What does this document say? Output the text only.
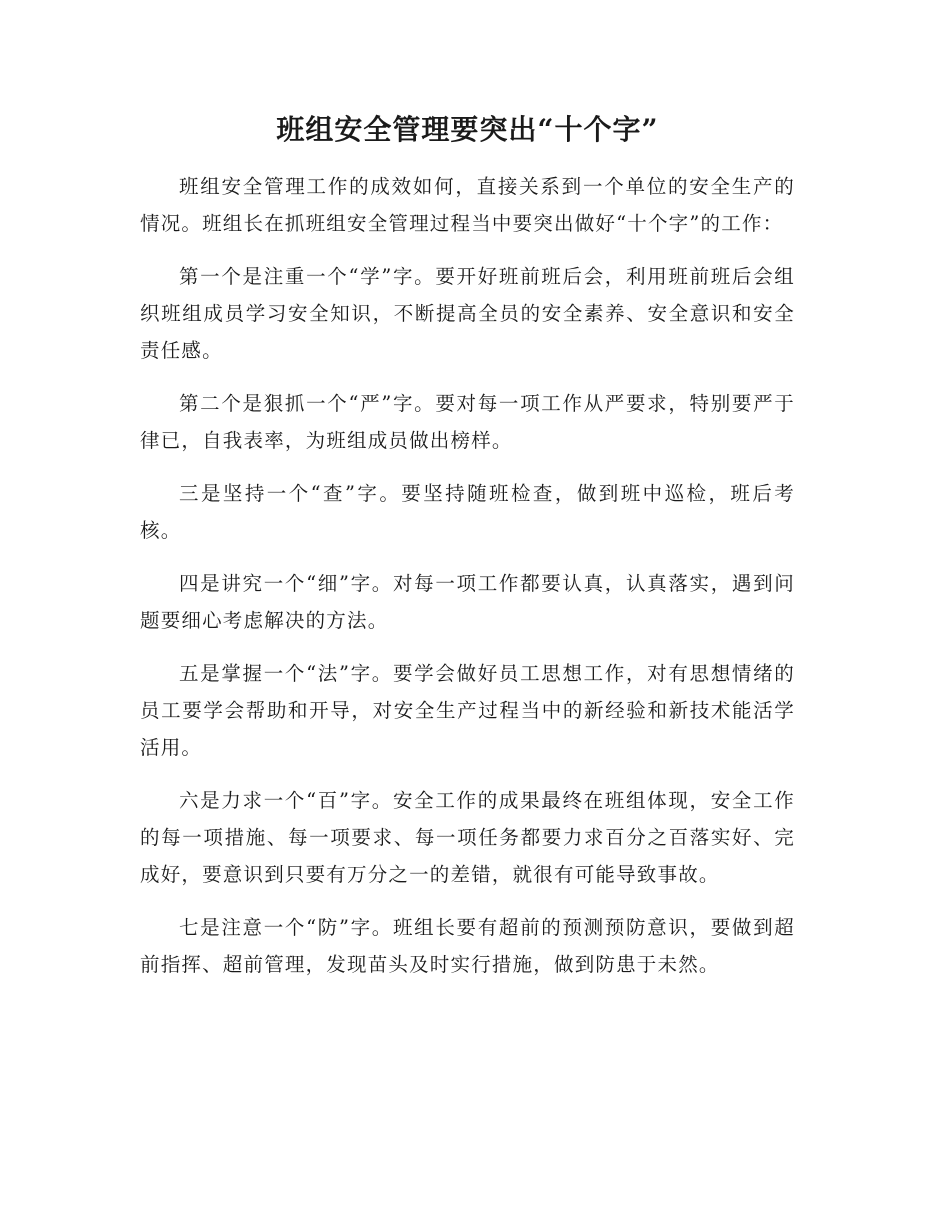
班组安全管理要突出“十个字”

班组安全管理工作的成效如何，直接关系到一个单位的安全生产的情况。班组长在抓班组安全管理过程当中要突出做好“十个字”的工作：

第一个是注重一个“学”字。要开好班前班后会，利用班前班后会组织班组成员学习安全知识，不断提高全员的安全素养、安全意识和安全责任感。

第二个是狠抓一个“严”字。要对每一项工作从严要求，特别要严于律已，自我表率，为班组成员做出榜样。

三是坚持一个“查”字。要坚持随班检查，做到班中巡检，班后考核。

四是讲究一个“细”字。对每一项工作都要认真，认真落实，遇到问题要细心考虑解决的方法。

五是掌握一个“法”字。要学会做好员工思想工作，对有思想情绪的员工要学会帮助和开导，对安全生产过程当中的新经验和新技术能活学活用。

六是力求一个“百”字。安全工作的成果最终在班组体现，安全工作的每一项措施、每一项要求、每一项任务都要力求百分之百落实好、完成好，要意识到只要有万分之一的差错，就很有可能导致事故。

七是注意一个“防”字。班组长要有超前的预测预防意识，要做到超前指挥、超前管理，发现苗头及时实行措施，做到防患于未然。
